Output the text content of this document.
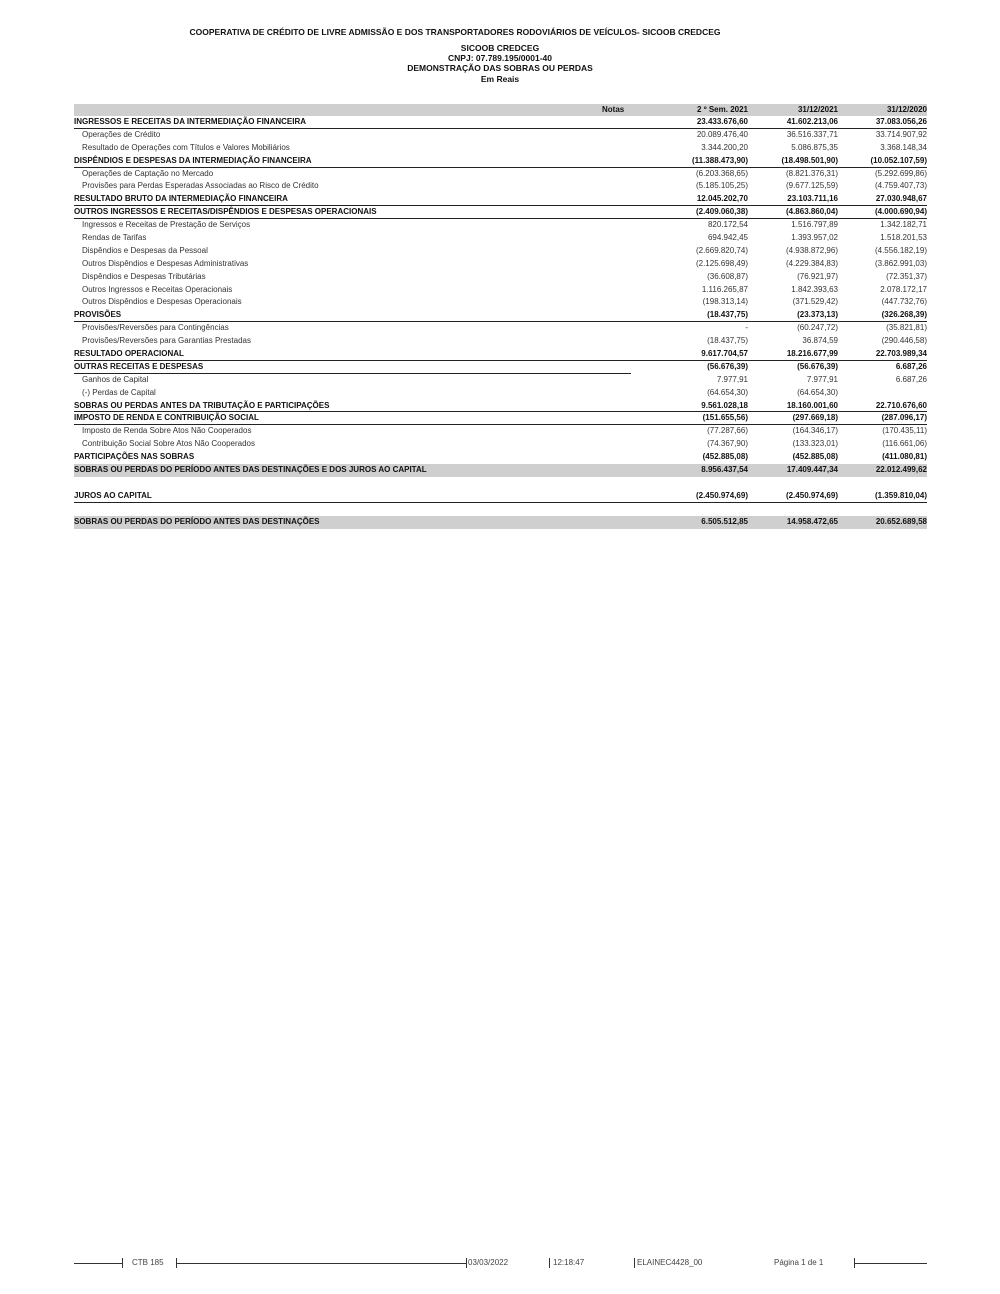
COOPERATIVA DE CRÉDITO DE LIVRE ADMISSÃO E DOS TRANSPORTADORES RODOVIÁRIOS DE VEÍCULOS- SICOOB CREDCEG
SICOOB CREDCEG
CNPJ: 07.789.195/0001-40
DEMONSTRAÇÃO DAS SOBRAS OU PERDAS
Em Reais
Notas	2 º Sem. 2021	31/12/2021	31/12/2020
INGRESSOS E RECEITAS DA INTERMEDIAÇÃO FINANCEIRA	23.433.676,60	41.602.213,06	37.083.056,26
Operações de Crédito	20.089.476,40	36.516.337,71	33.714.907,92
Resultado de Operações com Títulos e Valores Mobiliários	3.344.200,20	5.086.875,35	3.368.148,34
DISPÊNDIOS E DESPESAS DA INTERMEDIAÇÃO FINANCEIRA	(11.388.473,90)	(18.498.501,90)	(10.052.107,59)
Operações de Captação no Mercado	(6.203.368,65)	(8.821.376,31)	(5.292.699,86)
Provisões para Perdas Esperadas Associadas ao Risco de Crédito	(5.185.105,25)	(9.677.125,59)	(4.759.407,73)
RESULTADO BRUTO DA INTERMEDIAÇÃO FINANCEIRA	12.045.202,70	23.103.711,16	27.030.948,67
OUTROS INGRESSOS E RECEITAS/DISPÊNDIOS E DESPESAS OPERACIONAIS	(2.409.060,38)	(4.863.860,04)	(4.000.690,94)
Ingressos e Receitas de Prestação de Serviços	820.172,54	1.516.797,89	1.342.182,71
Rendas de Tarifas	694.942,45	1.393.957,02	1.518.201,53
Dispêndios e Despesas da Pessoal	(2.669.820,74)	(4.938.872,96)	(4.556.182,19)
Outros Dispêndios e Despesas Administrativas	(2.125.698,49)	(4.229.384,83)	(3.862.991,03)
Dispêndios e Despesas Tributárias	(36.608,87)	(76.921,97)	(72.351,37)
Outros Ingressos e Receitas Operacionais	1.116.265,87	1.842.393,63	2.078.172,17
Outros Dispêndios e Despesas Operacionais	(198.313,14)	(371.529,42)	(447.732,76)
PROVISÕES	(18.437,75)	(23.373,13)	(326.268,39)
Provisões/Reversões para Contingências	-	(60.247,72)	(35.821,81)
Provisões/Reversões para Garantias Prestadas	(18.437,75)	36.874,59	(290.446,58)
RESULTADO OPERACIONAL	9.617.704,57	18.216.677,99	22.703.989,34
OUTRAS RECEITAS E DESPESAS	(56.676,39)	(56.676,39)	6.687,26
Ganhos de Capital	7.977,91	7.977,91	6.687,26
(-) Perdas de Capital	(64.654,30)	(64.654,30)
SOBRAS OU PERDAS ANTES DA TRIBUTAÇÃO E PARTICIPAÇÕES	9.561.028,18	18.160.001,60	22.710.676,60
IMPOSTO DE RENDA E CONTRIBUIÇÃO SOCIAL	(151.655,56)	(297.669,18)	(287.096,17)
Imposto de Renda Sobre Atos Não Cooperados	(77.287,66)	(164.346,17)	(170.435,11)
Contribuição Social Sobre Atos Não Cooperados	(74.367,90)	(133.323,01)	(116.661,06)
PARTICIPAÇÕES NAS SOBRAS	(452.885,08)	(452.885,08)	(411.080,81)
SOBRAS OU PERDAS DO PERÍODO ANTES DAS DESTINAÇÕES E DOS JUROS AO CAPITAL	8.956.437,54	17.409.447,34	22.012.499,62
JUROS AO CAPITAL	(2.450.974,69)	(2.450.974,69)	(1.359.810,04)
SOBRAS OU PERDAS DO PERÍODO ANTES DAS DESTINAÇÕES	6.505.512,85	14.958.472,65	20.652.689,58
CTB 185	03/03/2022	12:18:47	ELAINEC4428_00	Página 1 de 1
